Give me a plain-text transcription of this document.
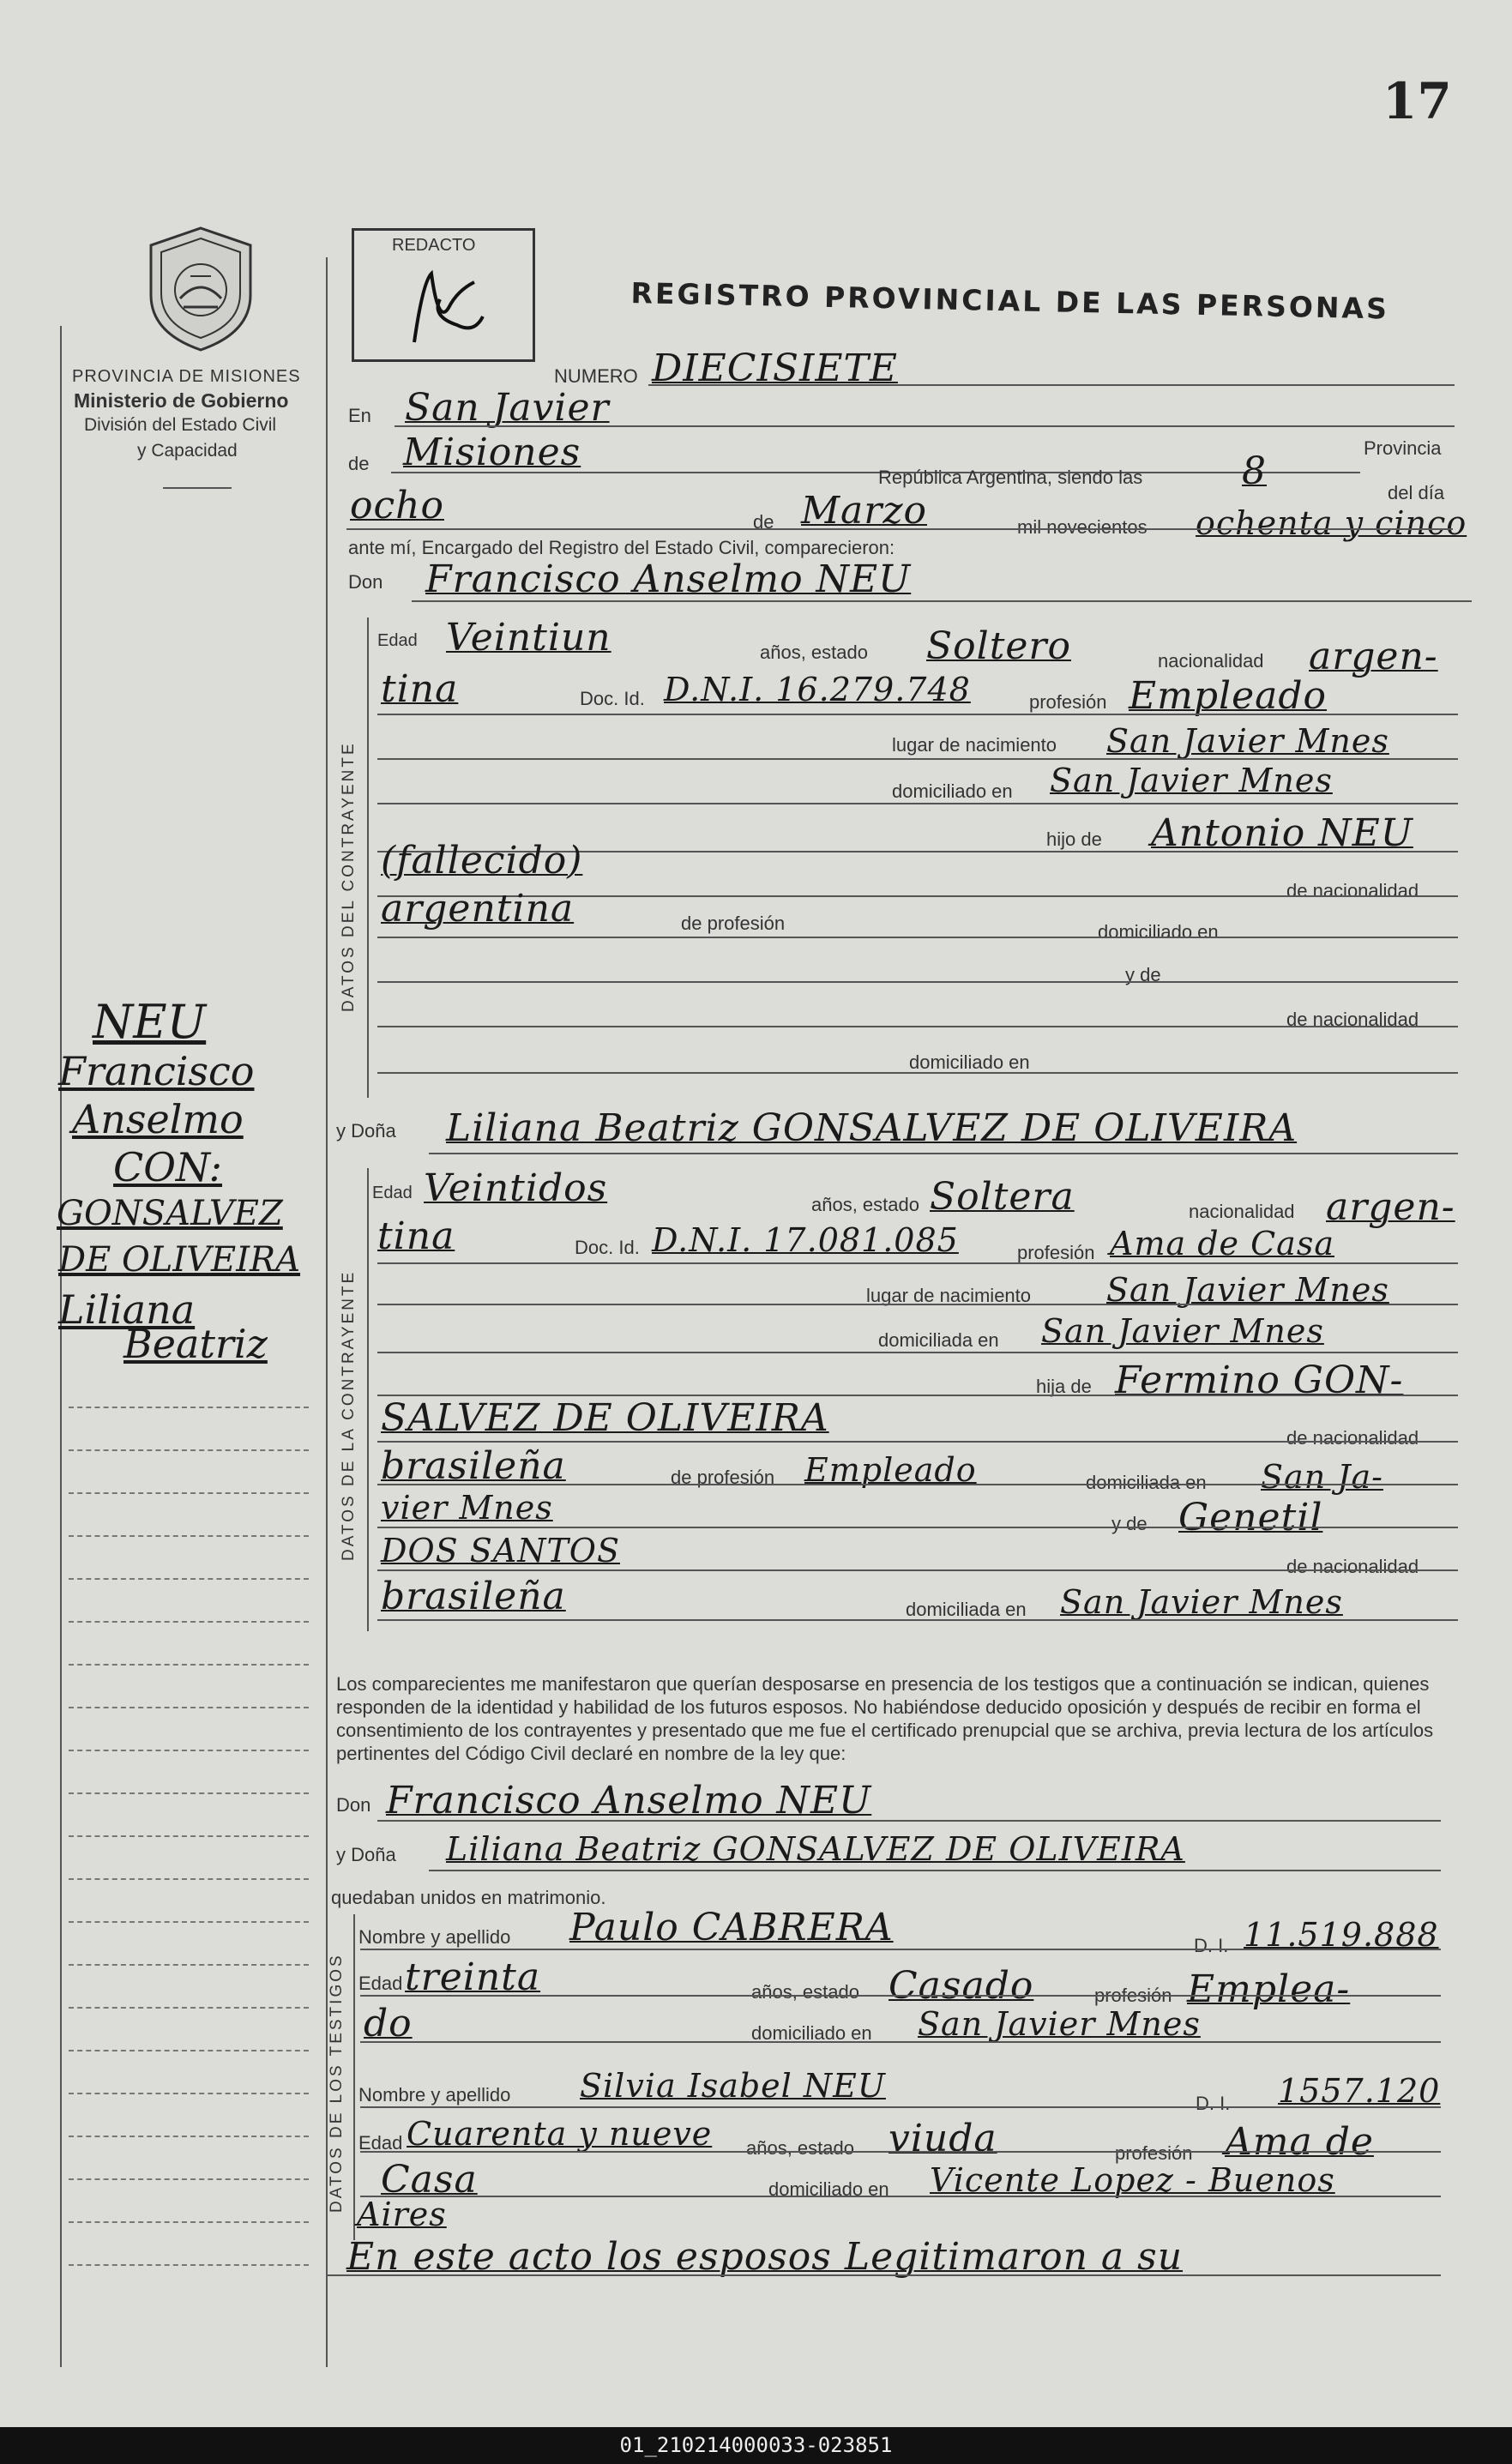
17
PROVINCIA DE MISIONES
Ministerio de Gobierno
División del Estado Civil
y Capacidad
REDACTO
REGISTRO PROVINCIAL DE LAS PERSONAS
NEU
Francisco
Anselmo
CON:
GONSALVEZ
DE OLIVEIRA
Liliana
Beatriz
NUMERO DIECISIETE
En San Javier
de Misiones	Provincia
República Argentina, siendo las	8	del día
ocho	de Marzo	mil novecientos ochenta y cinco
ante mí, Encargado del Registro del Estado Civil, comparecieron:
Don Francisco Anselmo NEU
DATOS DEL CONTRAYENTE
Edad Veintiun	años, estado Soltero	nacionalidad argen-
tina	Doc. Id. D.N.I. 16.279.748	profesión Empleado
lugar de nacimiento San Javier Mnes
domiciliado en San Javier Mnes
hijo de Antonio NEU
(fallecido)
de nacionalidad
argentina	de profesión	domiciliado en
y de
de nacionalidad
domiciliado en
y Doña Liliana Beatriz GONSALVEZ DE OLIVEIRA
DATOS DE LA CONTRAYENTE
Edad Veintidos	años, estado Soltera	nacionalidad argen-
tina	Doc. Id. D.N.I. 17.081.085	profesión Ama de Casa
lugar de nacimiento San Javier Mnes
domiciliada en San Javier Mnes
hija de Fermino GON-
SALVEZ DE OLIVEIRA	de nacionalidad
brasileña	de profesión Empleado	domiciliada en San Ja-
vier Mnes	y de Genetil
DOS SANTOS	de nacionalidad
brasileña	domiciliada en San Javier Mnes
Los comparecientes me manifestaron que querían desposarse en presencia de los testigos que a continuación se indican, quienes responden de la identidad y habilidad de los futuros esposos. No habiéndose deducido oposición y después de recibir en forma el consentimiento de los contrayentes y presentado que me fue el certificado prenupcial que se archiva, previa lectura de los artículos pertinentes del Código Civil declaré en nombre de la ley que:
Don Francisco Anselmo NEU
y Doña Liliana Beatriz GONSALVEZ DE OLIVEIRA
quedaban unidos en matrimonio.
DATOS DE LOS TESTIGOS
Nombre y apellido Paulo CABRERA	D. I. 11.519.888
Edad treinta	años, estado Casado	profesión Emplea-
do	domiciliado en San Javier Mnes
Nombre y apellido Silvia Isabel NEU	D. I. 1557.120
Edad Cuarenta y nueve años, estado viuda	profesión Ama de
Casa	domiciliado en Vicente Lopez - Buenos
Aires
En este acto los esposos Legitimaron a su
01_210214000033-023851
